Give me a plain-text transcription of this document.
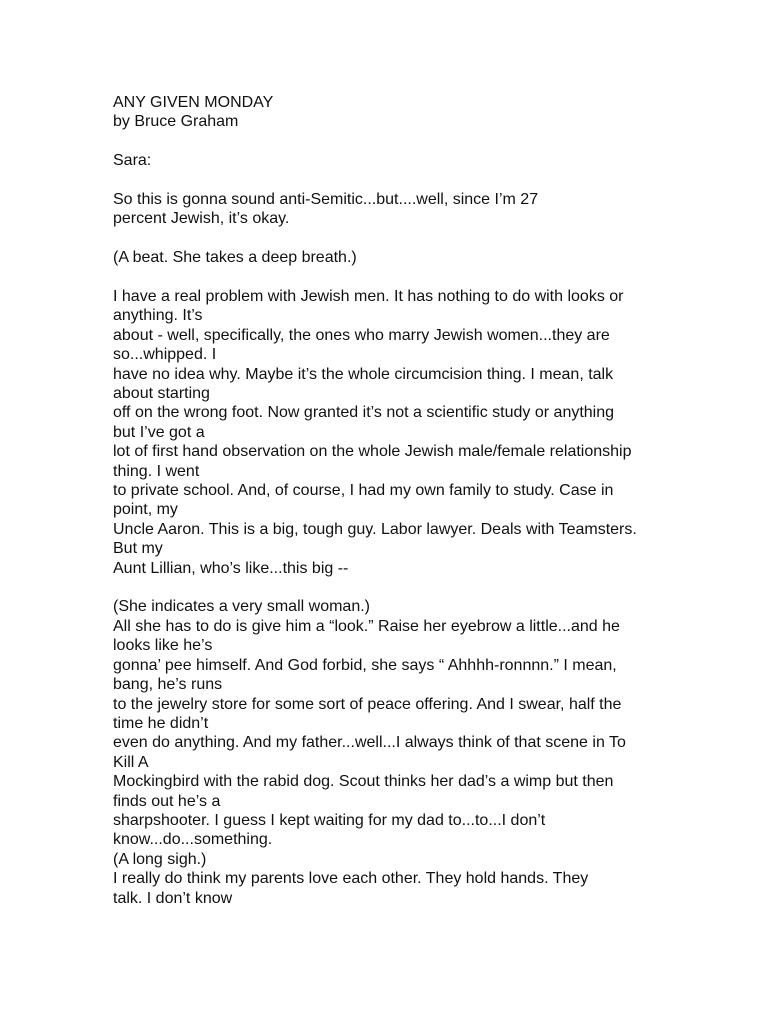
ANY GIVEN MONDAY
by Bruce Graham
Sara:
So this is gonna sound anti-Semitic...but....well, since I’m 27
percent Jewish, it’s okay.
(A beat. She takes a deep breath.)
I have a real problem with Jewish men. It has nothing to do with looks or
anything. It’s
about - well, specifically, the ones who marry Jewish women...they are
so...whipped. I
have no idea why. Maybe it’s the whole circumcision thing. I mean, talk
about starting
off on the wrong foot. Now granted it’s not a scientific study or anything
but I’ve got a
lot of first hand observation on the whole Jewish male/female relationship
thing. I went
to private school. And, of course, I had my own family to study. Case in
point, my
Uncle Aaron. This is a big, tough guy. Labor lawyer. Deals with Teamsters.
But my
Aunt Lillian, who’s like...this big --
(She indicates a very small woman.)
All she has to do is give him a “look.” Raise her eyebrow a little...and he
looks like he’s
gonna’ pee himself. And God forbid, she says “ Ahhhh-ronnnn.” I mean,
bang, he’s runs
to the jewelry store for some sort of peace offering. And I swear, half the
time he didn’t
even do anything. And my father...well...I always think of that scene in To
Kill A
Mockingbird with the rabid dog. Scout thinks her dad’s a wimp but then
finds out he’s a
sharpshooter. I guess I kept waiting for my dad to...to...I don’t
know...do...something.
(A long sigh.)
I really do think my parents love each other. They hold hands. They
talk. I don’t know
